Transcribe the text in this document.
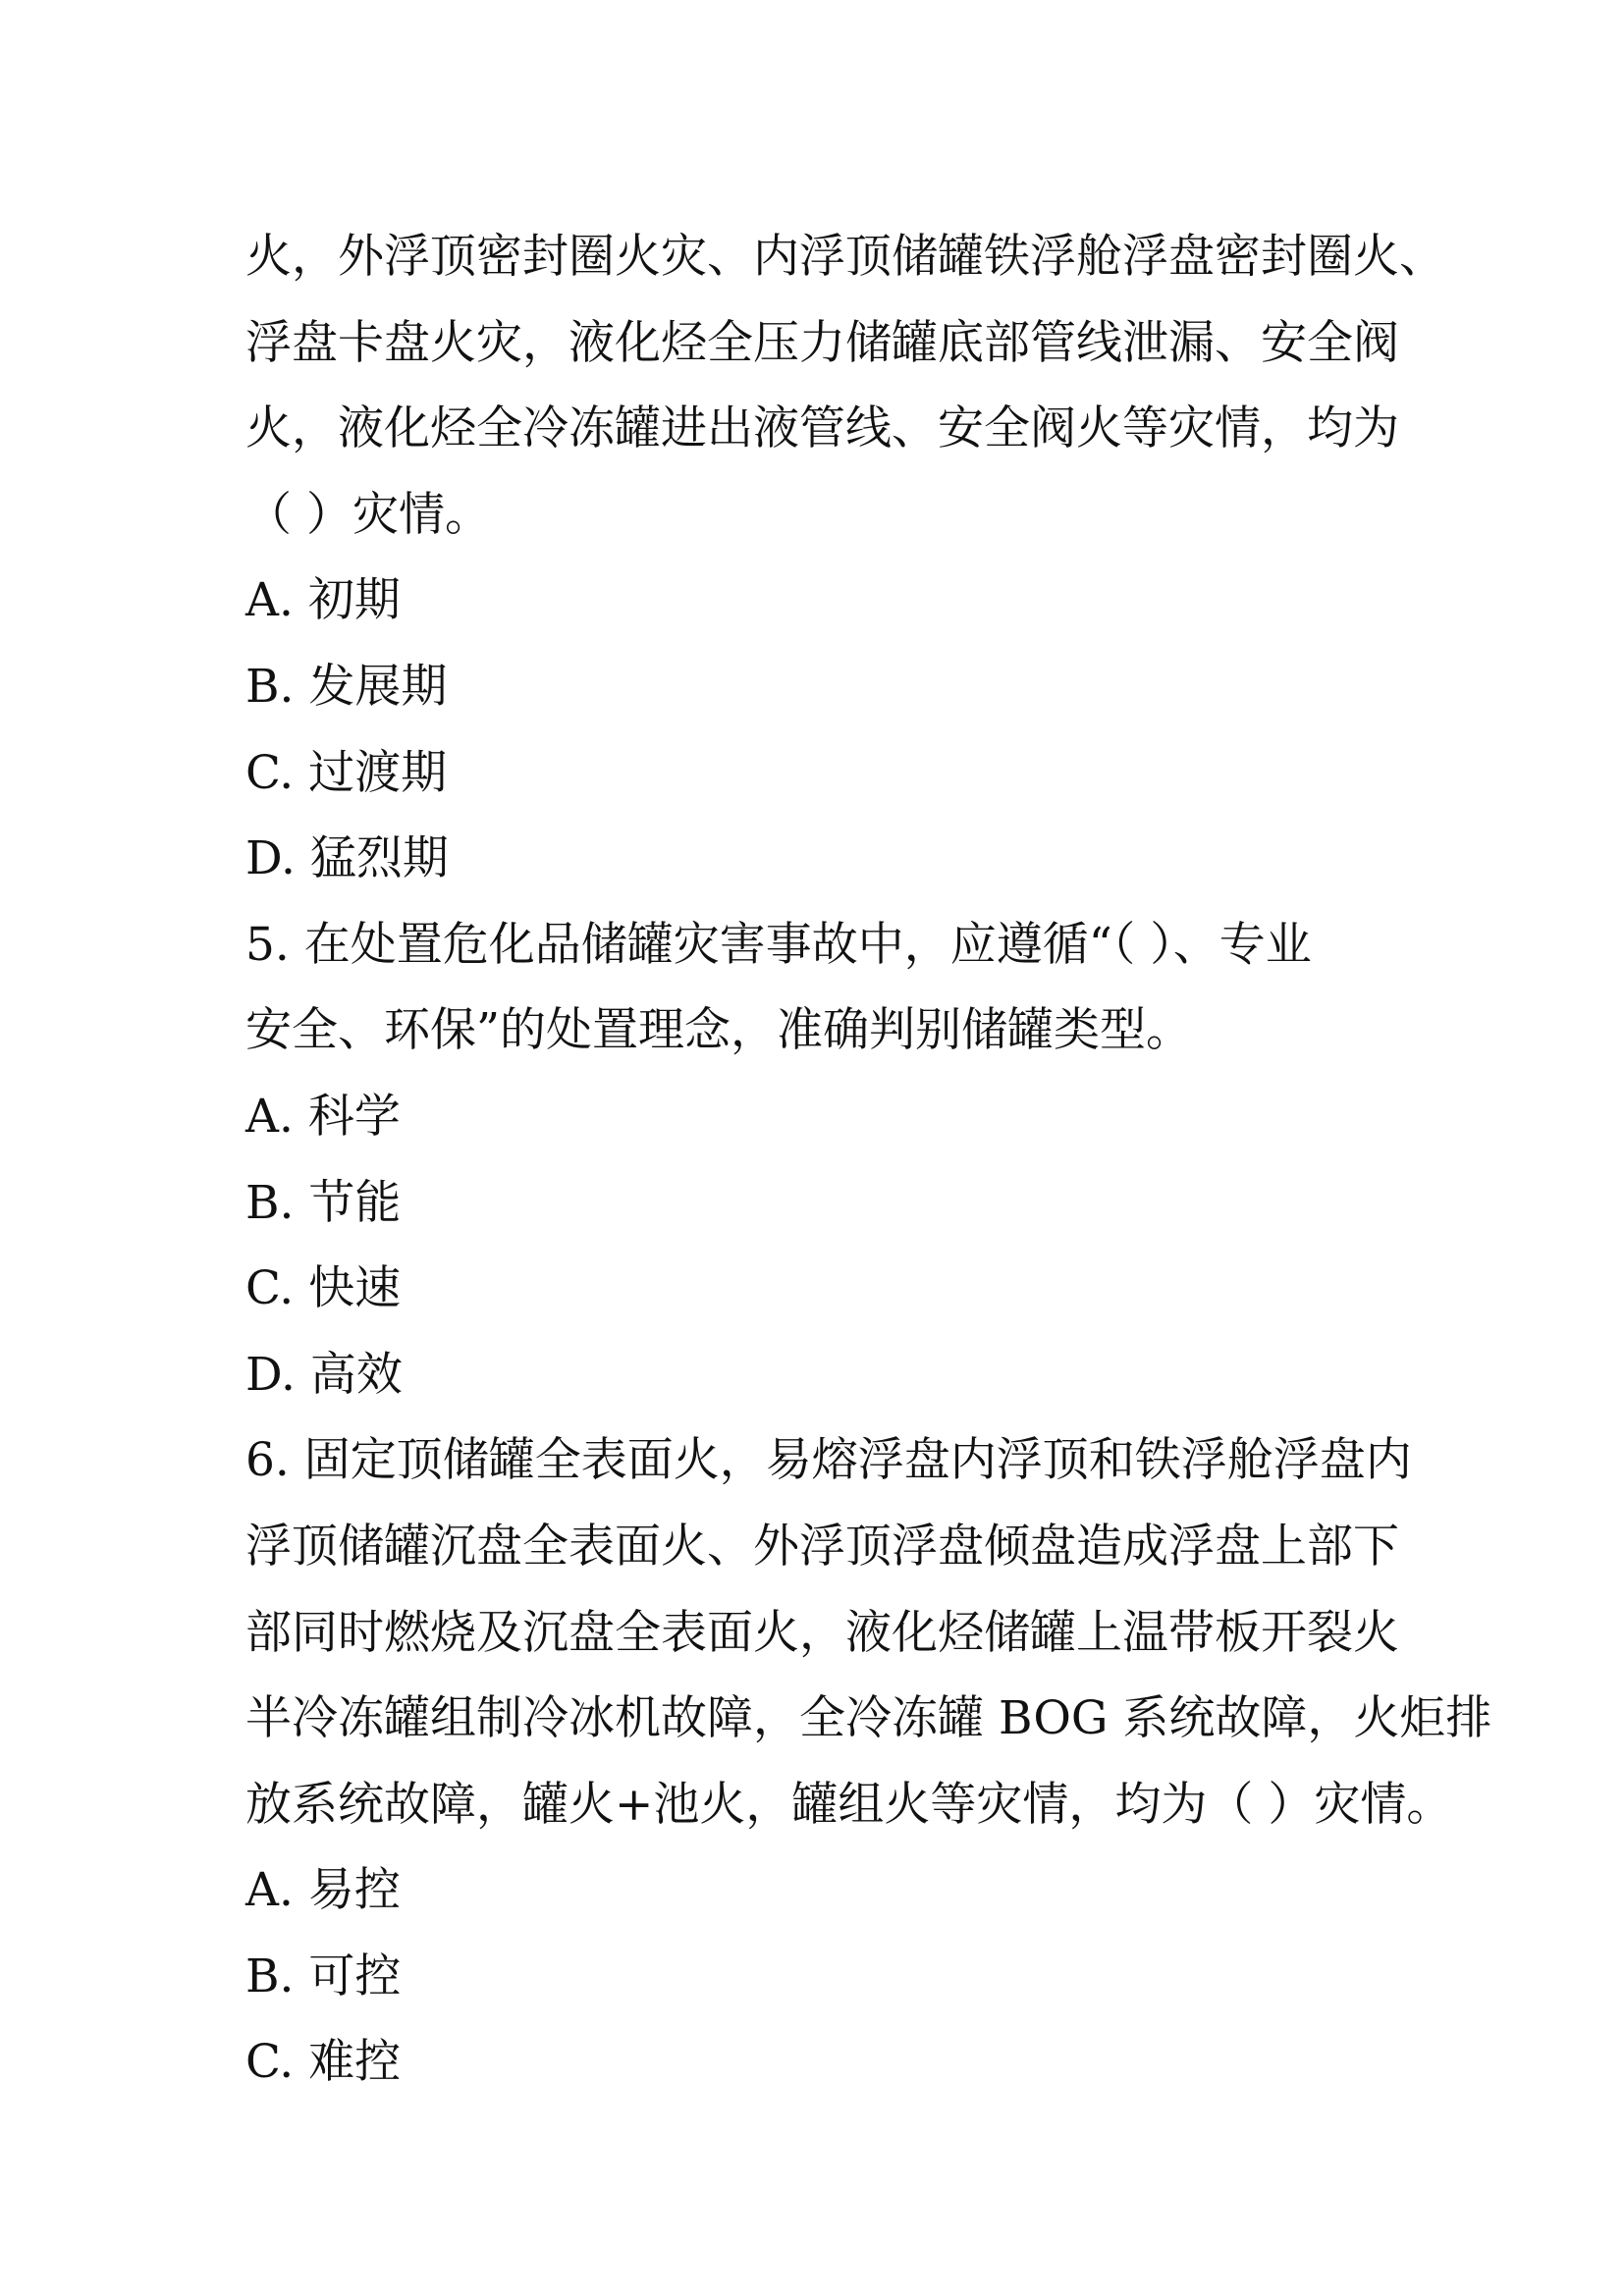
火，外浮顶密封圈火灾、内浮顶储罐铁浮舱浮盘密封圈火、
浮盘卡盘火灾，液化烃全压力储罐底部管线泄漏、安全阀
火，液化烃全冷冻罐进出液管线、安全阀火等灾情，均为
（ ）灾情。
A. 初期
B. 发展期
C. 过渡期
D. 猛烈期
5. 在处置危化品储罐灾害事故中，应遵循“（ ）、专业
安全、环保”的处置理念，准确判别储罐类型。
A. 科学
B. 节能
C. 快速
D. 高效
6. 固定顶储罐全表面火，易熔浮盘内浮顶和铁浮舱浮盘内
浮顶储罐沉盘全表面火、外浮顶浮盘倾盘造成浮盘上部下
部同时燃烧及沉盘全表面火，液化烃储罐上温带板开裂火
半冷冻罐组制冷冰机故障，全冷冻罐 BOG 系统故障，火炬排
放系统故障，罐火+池火，罐组火等灾情，均为（ ）灾情。
A. 易控
B. 可控
C. 难控
